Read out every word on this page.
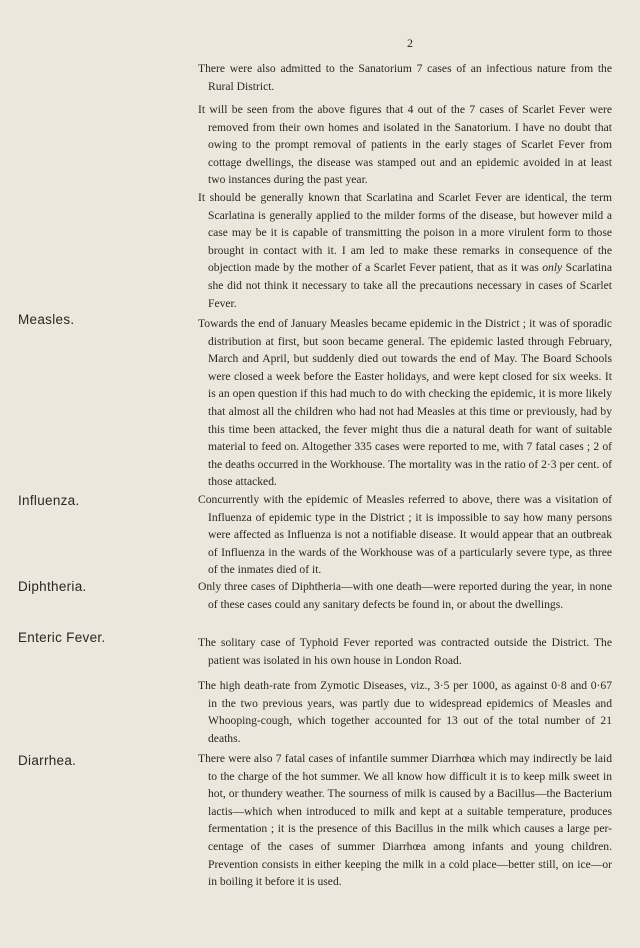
2

There were also admitted to the Sanatorium 7 cases of an infectious nature from the Rural District.

It will be seen from the above figures that 4 out of the 7 cases of Scarlet Fever were removed from their own homes and isolated in the Sanatorium. I have no doubt that owing to the prompt removal of patients in the early stages of Scarlet Fever from cottage dwellings, the disease was stamped out and an epidemic avoided in at least two instances during the past year.

It should be generally known that Scarlatina and Scarlet Fever are identical, the term Scarlatina is generally applied to the milder forms of the disease, but however mild a case may be it is capable of transmitting the poison in a more virulent form to those brought in contact with it. I am led to make these remarks in consequence of the objection made by the mother of a Scarlet Fever patient, that as it was only Scarlatina she did not think it necessary to take all the precautions necessary in cases of Scarlet Fever.

Measles.	Towards the end of January Measles became epidemic in the District ; it was of sporadic distribution at first, but soon became general. The epidemic lasted through February, March and April, but suddenly died out towards the end of May. The Board Schools were closed a week before the Easter holidays, and were kept closed for six weeks. It is an open question if this had much to do with checking the epidemic, it is more likely that almost all the children who had not had Measles at this time or previously, had by this time been attacked, the fever might thus die a natural death for want of suitable material to feed on. Altogether 335 cases were reported to me, with 7 fatal cases ; 2 of the deaths occurred in the Workhouse. The mortality was in the ratio of 2·3 per cent. of those attacked.

Influenza.	Concurrently with the epidemic of Measles referred to above, there was a visitation of Influenza of epidemic type in the District ; it is impossible to say how many persons were affected as Influenza is not a notifiable disease. It would appear that an outbreak of Influenza in the wards of the Workhouse was of a particularly severe type, as three of the inmates died of it.

Diphtheria.	Only three cases of Diphtheria—with one death—were reported during the year, in none of these cases could any sanitary defects be found in, or about the dwellings.

Enteric Fever.	The solitary case of Typhoid Fever reported was contracted outside the District. The patient was isolated in his own house in London Road.

The high death-rate from Zymotic Diseases, viz., 3·5 per 1000, as against 0·8 and 0·67 in the two previous years, was partly due to widespread epidemics of Measles and Whooping-cough, which together accounted for 13 out of the total number of 21 deaths.

Diarrhea.	There were also 7 fatal cases of infantile summer Diarrhœa which may indirectly be laid to the charge of the hot summer. We all know how difficult it is to keep milk sweet in hot, or thundery weather. The sourness of milk is caused by a Bacillus—the Bacterium lactis—which when introduced to milk and kept at a suitable temperature, produces fermentation ; it is the presence of this Bacillus in the milk which causes a large per-centage of the cases of summer Diarrhœa among infants and young children. Prevention consists in either keeping the milk in a cold place—better still, on ice—or in boiling it before it is used.
